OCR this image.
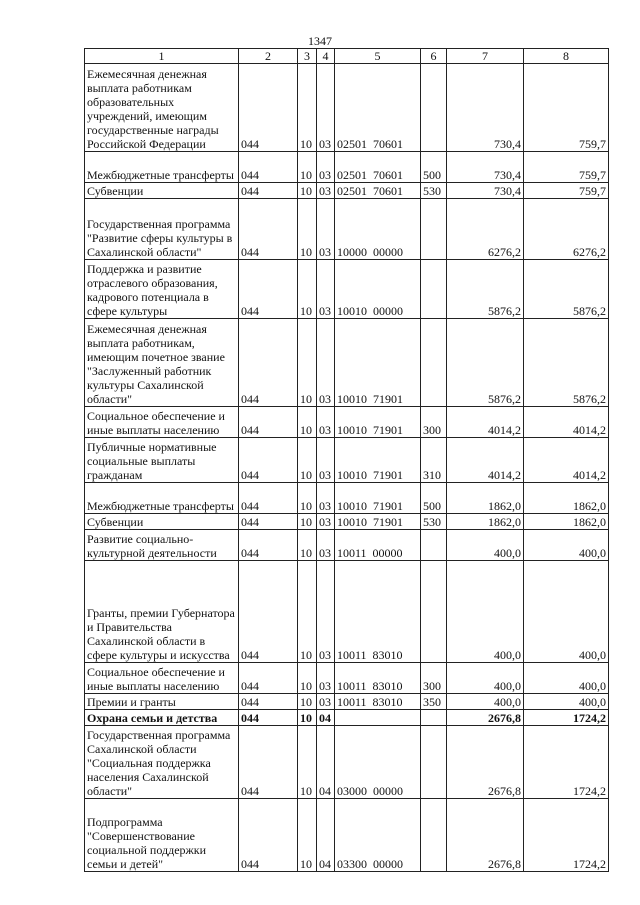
1347
1	2	3	4	5	6	7	8
Ежемесячная денежная выплата работникам образовательных учреждений, имеющим государственные награды Российской Федерации	044	10	03	02501  70601		730,4	759,7
Межбюджетные трансферты	044	10	03	02501  70601	500	730,4	759,7
Субвенции	044	10	03	02501  70601	530	730,4	759,7
Государственная программа "Развитие сферы культуры в Сахалинской области"	044	10	03	10000  00000		6276,2	6276,2
Поддержка и развитие отраслевого образования, кадрового потенциала в сфере культуры	044	10	03	10010  00000		5876,2	5876,2
Ежемесячная денежная выплата работникам, имеющим почетное звание "Заслуженный работник культуры Сахалинской области"	044	10	03	10010  71901		5876,2	5876,2
Социальное обеспечение и иные выплаты населению	044	10	03	10010  71901	300	4014,2	4014,2
Публичные нормативные социальные выплаты гражданам	044	10	03	10010  71901	310	4014,2	4014,2
Межбюджетные трансферты	044	10	03	10010  71901	500	1862,0	1862,0
Субвенции	044	10	03	10010  71901	530	1862,0	1862,0
Развитие социально-культурной деятельности	044	10	03	10011  00000		400,0	400,0
Гранты, премии Губернатора и Правительства Сахалинской области в сфере культуры и искусства	044	10	03	10011  83010		400,0	400,0
Социальное обеспечение и иные выплаты населению	044	10	03	10011  83010	300	400,0	400,0
Премии и гранты	044	10	03	10011  83010	350	400,0	400,0
Охрана семьи и детства	044	10	04			2676,8	1724,2
Государственная программа Сахалинской области "Социальная поддержка населения Сахалинской области"	044	10	04	03000  00000		2676,8	1724,2
Подпрограмма "Совершенствование социальной поддержки семьи и детей"	044	10	04	03300  00000		2676,8	1724,2
